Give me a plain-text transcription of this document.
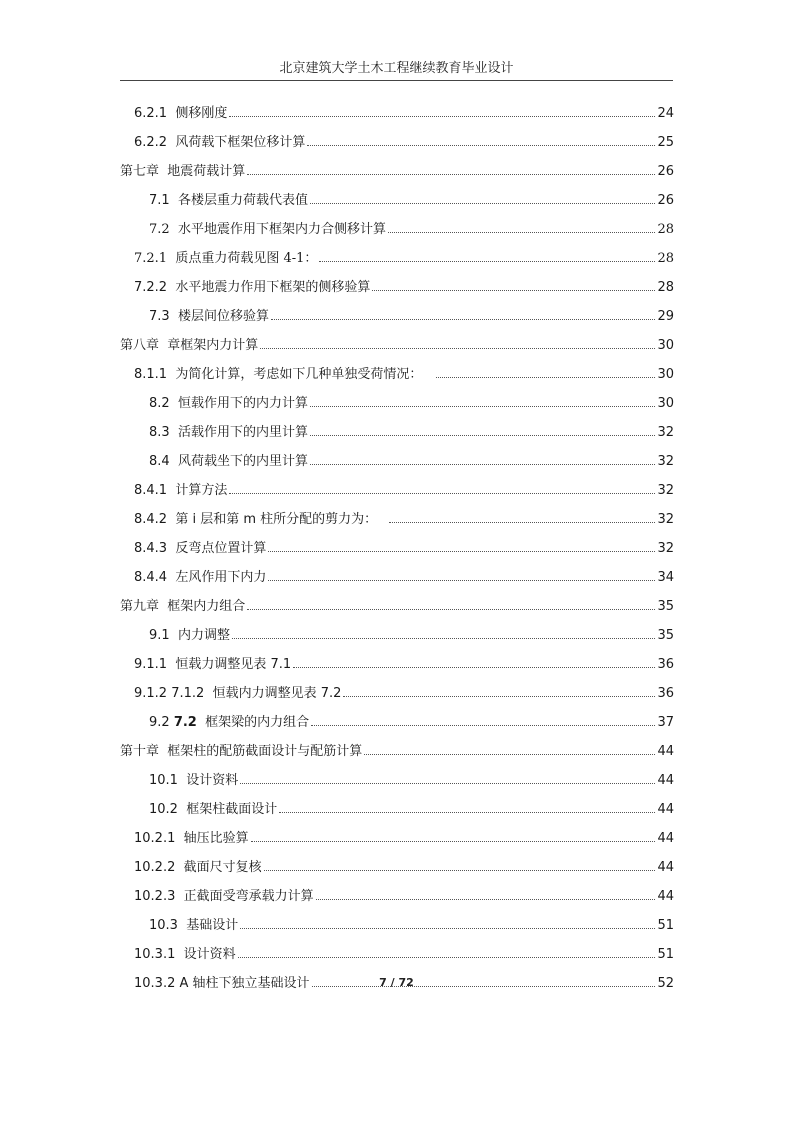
北京建筑大学土木工程继续教育毕业设计
6.2.1 侧移刚度	24
6.2.2 风荷载下框架位移计算	25
第七章 地震荷载计算	26
7.1 各楼层重力荷载代表值	26
7.2 水平地震作用下框架内力合侧移计算	28
7.2.1 质点重力荷载见图 4-1：	28
7.2.2 水平地震力作用下框架的侧移验算	28
7.3 楼层间位移验算	29
第八章 章框架内力计算	30
8.1.1 为简化计算，考虑如下几种单独受荷情况：	30
8.2 恒载作用下的内力计算	30
8.3 活载作用下的内里计算	32
8.4 风荷载坐下的内里计算	32
8.4.1 计算方法	32
8.4.2 第 i 层和第 m 柱所分配的剪力为：	32
8.4.3 反弯点位置计算	32
8.4.4 左风作用下内力	34
第九章 框架内力组合	35
9.1 内力调整	35
9.1.1 恒载力调整见表 7.1	36
9.1.2 7.1.2 恒载内力调整见表 7.2	36
9.2 7.2 框架梁的内力组合	37
第十章 框架柱的配筋截面设计与配筋计算	44
10.1 设计资料	44
10.2 框架柱截面设计	44
10.2.1 轴压比验算	44
10.2.2 截面尺寸复核	44
10.2.3 正截面受弯承载力计算	44
10.3 基础设计	51
10.3.1 设计资料	51
10.3.2 A 轴柱下独立基础设计	52
7 / 72
